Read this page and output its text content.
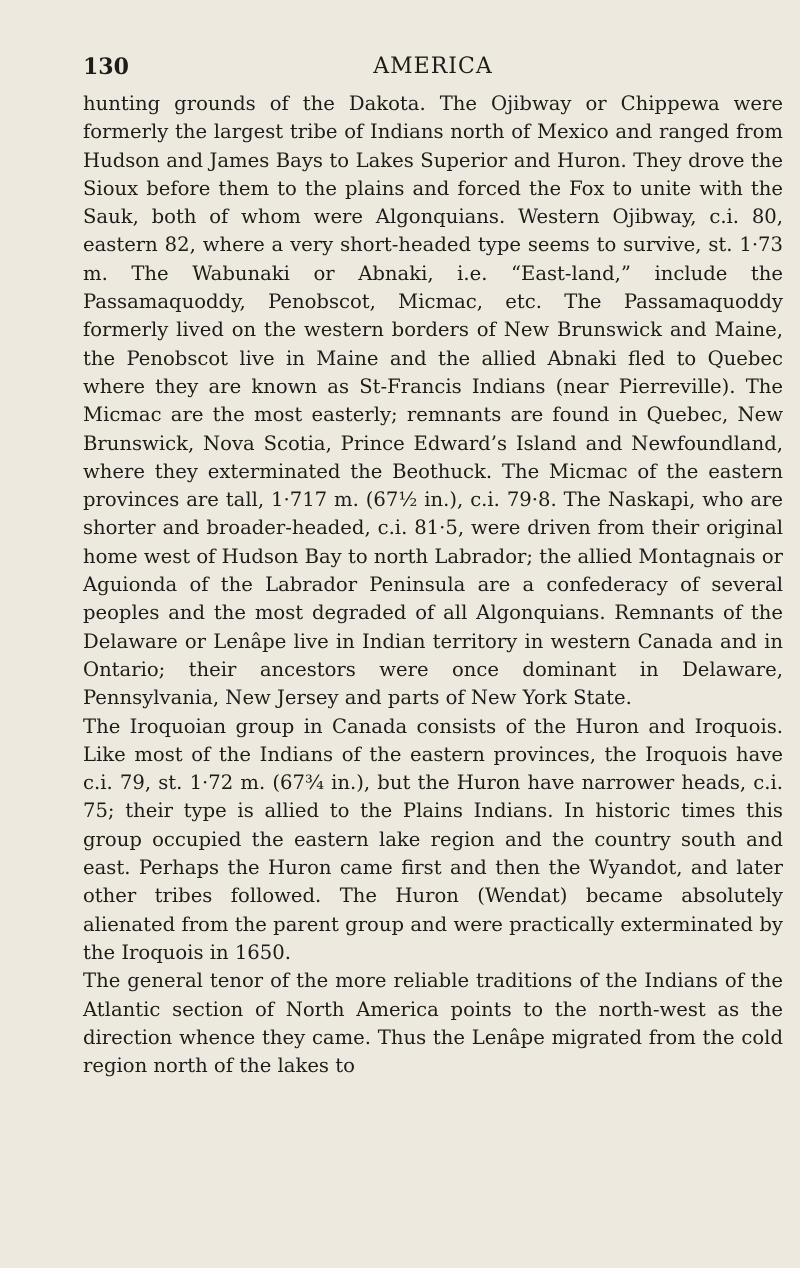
130	AMERICA

hunting grounds of the Dakota. The Ojibway or Chippewa were formerly the largest tribe of Indians north of Mexico and ranged from Hudson and James Bays to Lakes Superior and Huron. They drove the Sioux before them to the plains and forced the Fox to unite with the Sauk, both of whom were Algonquians. Western Ojibway, c.i. 80, eastern 82, where a very short-headed type seems to survive, st. 1·73 m. The Wabunaki or Abnaki, i.e. “East-land,” include the Passamaquoddy, Penobscot, Micmac, etc. The Passamaquoddy formerly lived on the western borders of New Brunswick and Maine, the Penobscot live in Maine and the allied Abnaki fled to Quebec where they are known as St-Francis Indians (near Pierreville). The Micmac are the most easterly; remnants are found in Quebec, New Brunswick, Nova Scotia, Prince Edward’s Island and Newfoundland, where they exterminated the Beothuck. The Micmac of the eastern provinces are tall, 1·717 m. (67½ in.), c.i. 79·8. The Naskapi, who are shorter and broader-headed, c.i. 81·5, were driven from their original home west of Hudson Bay to north Labrador; the allied Montagnais or Aguionda of the Labrador Peninsula are a confederacy of several peoples and the most degraded of all Algonquians. Remnants of the Delaware or Lenâpe live in Indian territory in western Canada and in Ontario; their ancestors were once dominant in Delaware, Pennsylvania, New Jersey and parts of New York State.

The Iroquoian group in Canada consists of the Huron and Iroquois. Like most of the Indians of the eastern provinces, the Iroquois have c.i. 79, st. 1·72 m. (67¾ in.), but the Huron have narrower heads, c.i. 75; their type is allied to the Plains Indians. In historic times this group occupied the eastern lake region and the country south and east. Perhaps the Huron came first and then the Wyandot, and later other tribes followed. The Huron (Wendat) became absolutely alienated from the parent group and were practically exterminated by the Iroquois in 1650.

The general tenor of the more reliable traditions of the Indians of the Atlantic section of North America points to the north-west as the direction whence they came. Thus the Lenâpe migrated from the cold region north of the lakes to
